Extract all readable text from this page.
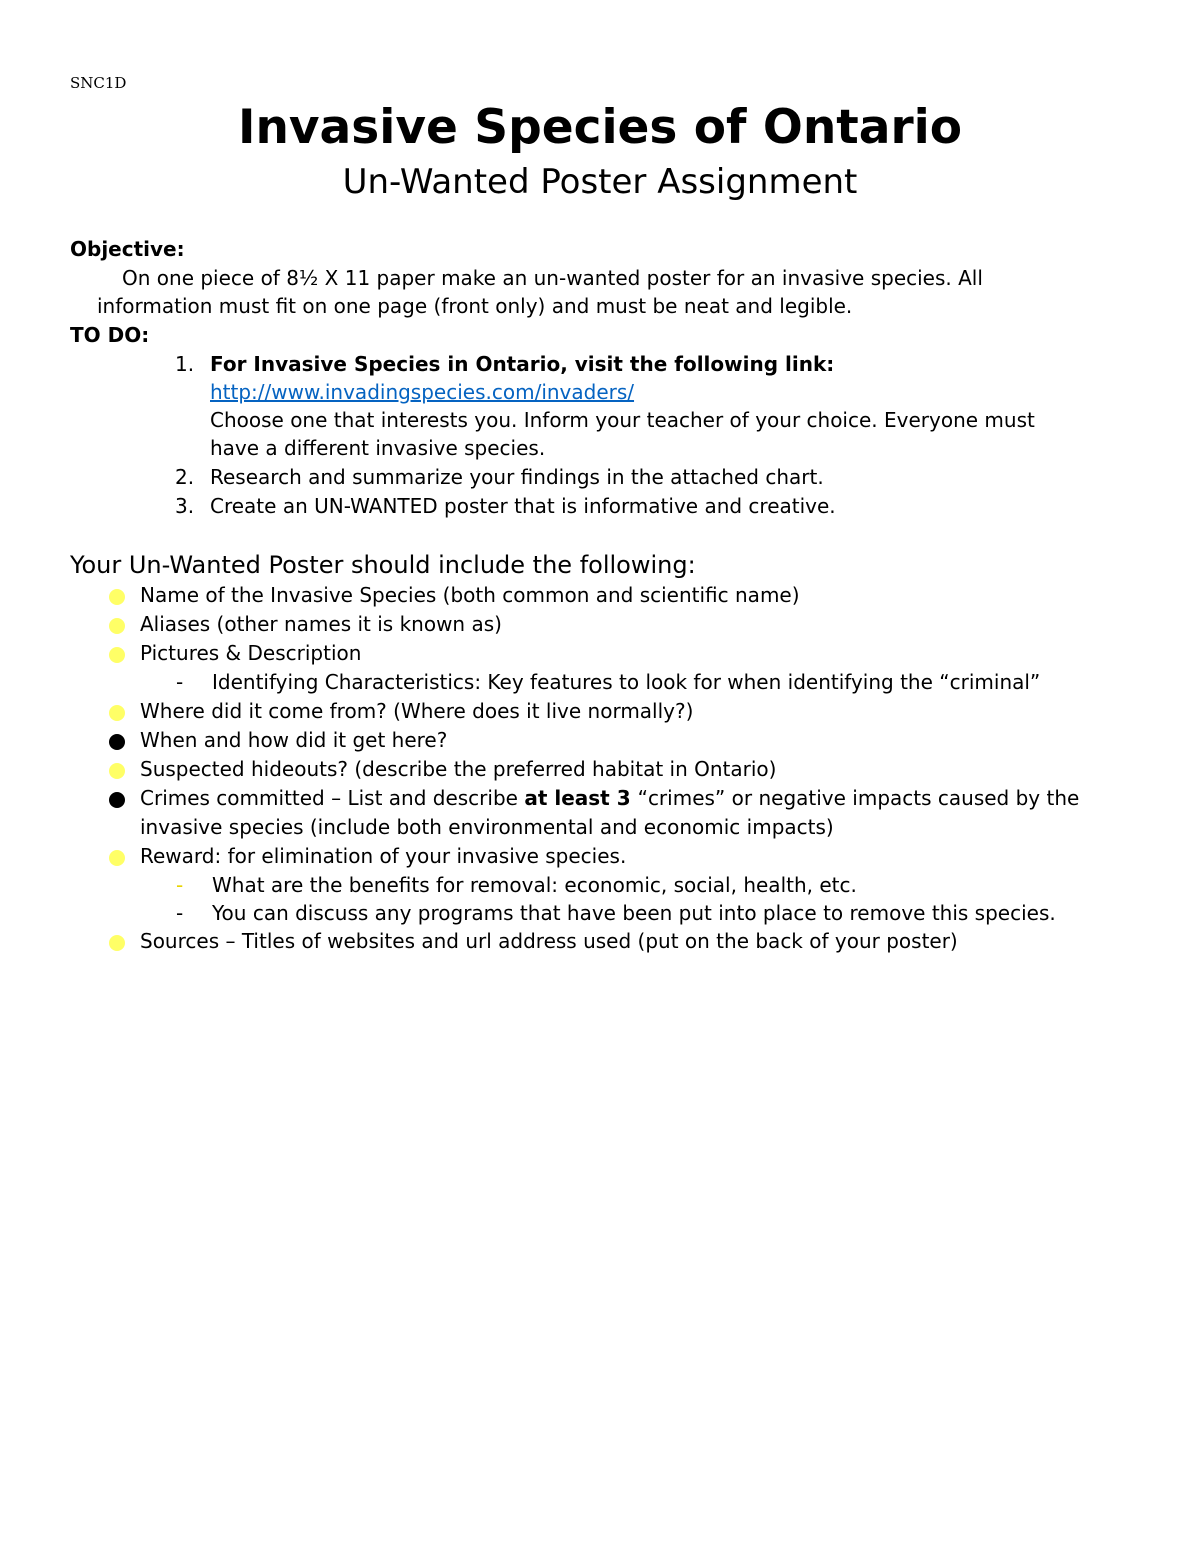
SNC1D
Invasive Species of Ontario
Un-Wanted Poster Assignment
Objective:
On one piece of 8½ X 11 paper make an un-wanted poster for an invasive species. All
information must fit on one page (front only) and must be neat and legible.
TO DO:
1. For Invasive Species in Ontario, visit the following link:
http://www.invadingspecies.com/invaders/
Choose one that interests you. Inform your teacher of your choice. Everyone must
have a different invasive species.
2. Research and summarize your findings in the attached chart.
3. Create an UN-WANTED poster that is informative and creative.
Your Un-Wanted Poster should include the following:
Name of the Invasive Species (both common and scientific name)
Aliases (other names it is known as)
Pictures & Description
- Identifying Characteristics: Key features to look for when identifying the “criminal”
Where did it come from? (Where does it live normally?)
When and how did it get here?
Suspected hideouts? (describe the preferred habitat in Ontario)
Crimes committed – List and describe at least 3 “crimes” or negative impacts caused by the
invasive species (include both environmental and economic impacts)
Reward: for elimination of your invasive species.
- What are the benefits for removal: economic, social, health, etc.
- You can discuss any programs that have been put into place to remove this species.
Sources – Titles of websites and url address used (put on the back of your poster)
